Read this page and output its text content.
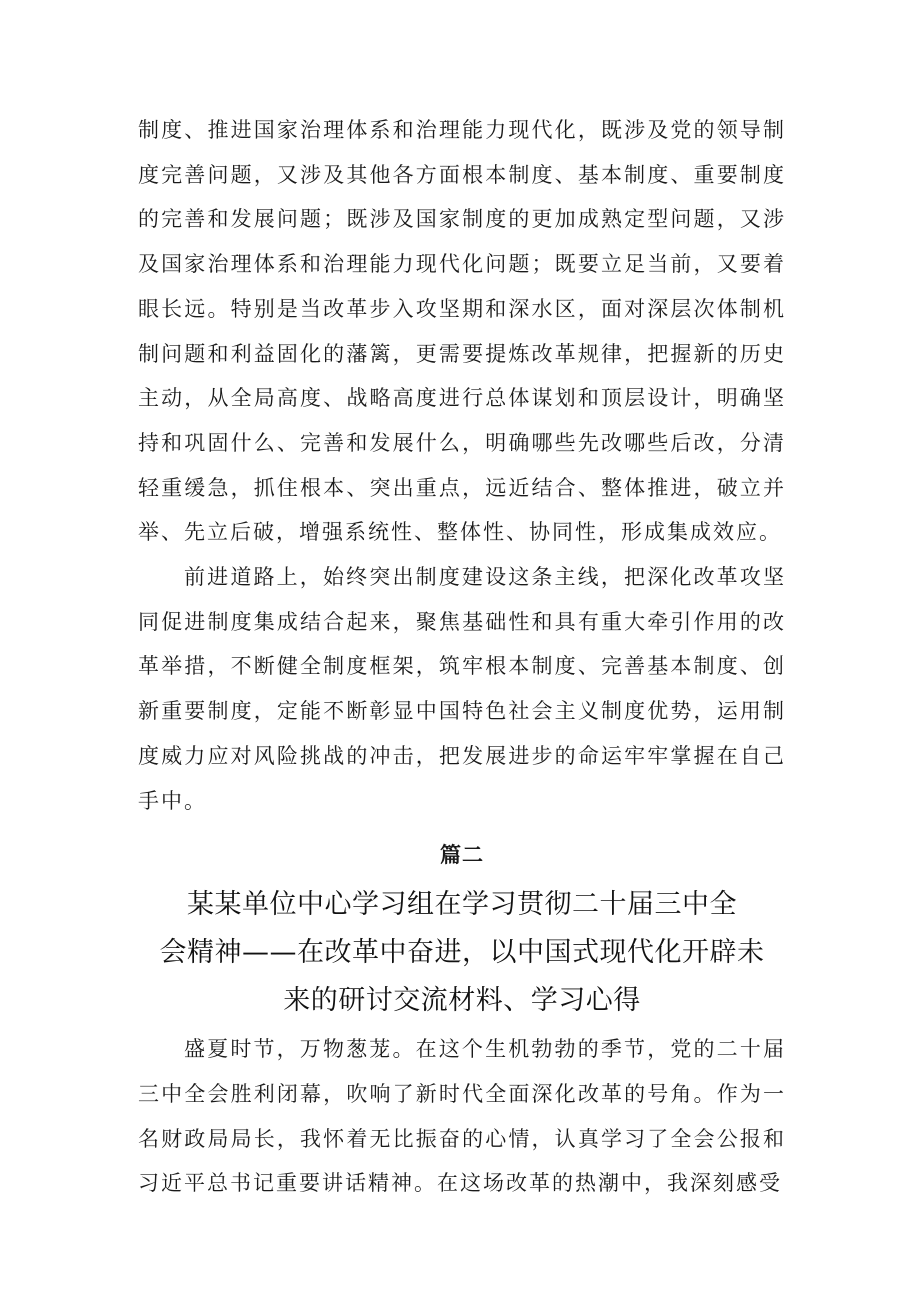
制度、推进国家治理体系和治理能力现代化，既涉及党的领导制度完善问题，又涉及其他各方面根本制度、基本制度、重要制度的完善和发展问题；既涉及国家制度的更加成熟定型问题，又涉及国家治理体系和治理能力现代化问题；既要立足当前，又要着眼长远。特别是当改革步入攻坚期和深水区，面对深层次体制机制问题和利益固化的藩篱，更需要提炼改革规律，把握新的历史主动，从全局高度、战略高度进行总体谋划和顶层设计，明确坚持和巩固什么、完善和发展什么，明确哪些先改哪些后改，分清轻重缓急，抓住根本、突出重点，远近结合、整体推进，破立并举、先立后破，增强系统性、整体性、协同性，形成集成效应。

前进道路上，始终突出制度建设这条主线，把深化改革攻坚同促进制度集成结合起来，聚焦基础性和具有重大牵引作用的改革举措，不断健全制度框架，筑牢根本制度、完善基本制度、创新重要制度，定能不断彰显中国特色社会主义制度优势，运用制度威力应对风险挑战的冲击，把发展进步的命运牢牢掌握在自己手中。

篇二
某某单位中心学习组在学习贯彻二十届三中全
会精神——在改革中奋进，以中国式现代化开辟未
来的研讨交流材料、学习心得

盛夏时节，万物葱茏。在这个生机勃勃的季节，党的二十届三中全会胜利闭幕，吹响了新时代全面深化改革的号角。作为一名财政局局长，我怀着无比振奋的心情，认真学习了全会公报和习近平总书记重要讲话精神。在这场改革的热潮中，我深刻感受
